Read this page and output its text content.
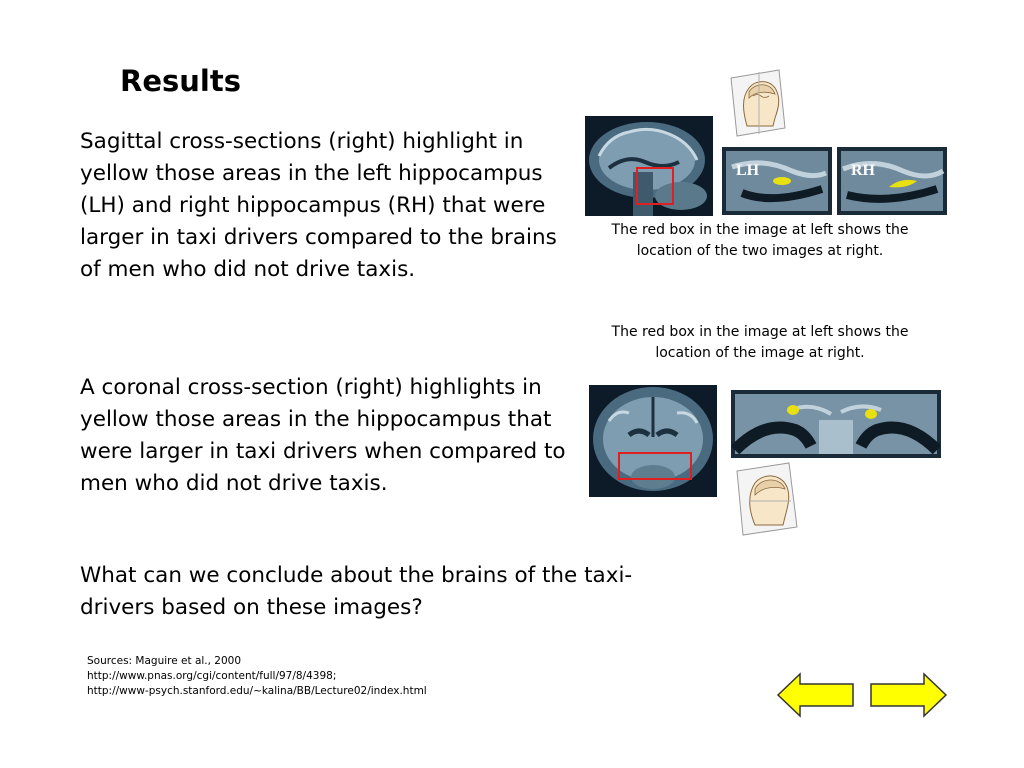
Results
Sagittal cross-sections (right) highlight in yellow those areas in the left hippocampus (LH) and right hippocampus (RH) that were larger in taxi drivers compared to the brains of men who did not drive taxis.
A coronal cross-section (right) highlights in yellow those areas in the hippocampus that were larger in taxi drivers when compared to men who did not drive taxis.
What can we conclude about the brains of the taxi-drivers based on these images?
LH	RH
The red box in the image at left shows the location of the two images at right.
The red box in the image at left shows the location of the image at right.
Sources: Maguire et al., 2000
http://www.pnas.org/cgi/content/full/97/8/4398;
http://www-psych.stanford.edu/~kalina/BB/Lecture02/index.html
